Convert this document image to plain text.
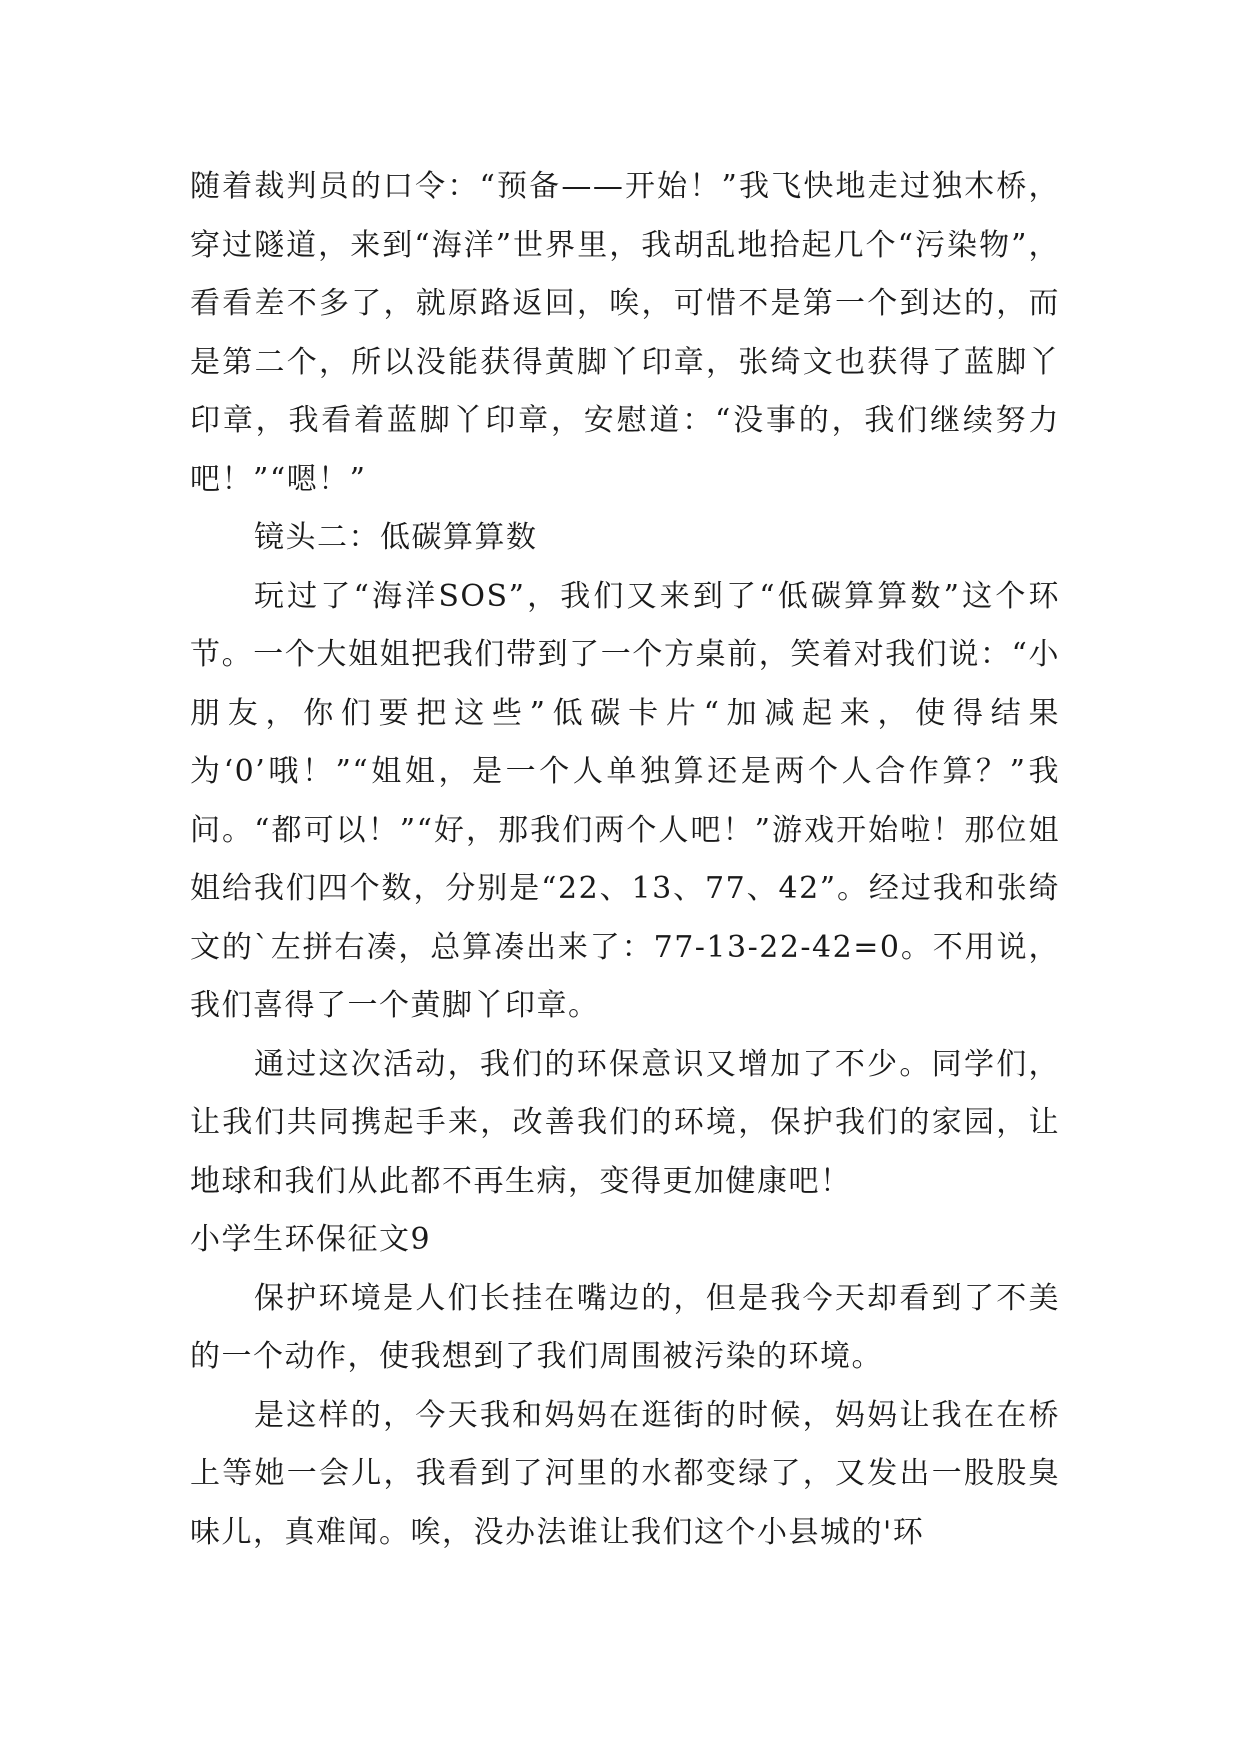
随着裁判员的口令：“预备——开始！”我飞快地走过独木桥，穿过隧道，来到“海洋”世界里，我胡乱地拾起几个“污染物”，看看差不多了，就原路返回，唉，可惜不是第一个到达的，而是第二个，所以没能获得黄脚丫印章，张绮文也获得了蓝脚丫印章，我看着蓝脚丫印章，安慰道：“没事的，我们继续努力吧！”“嗯！”

镜头二：低碳算算数

玩过了“海洋SOS”，我们又来到了“低碳算算数”这个环节。一个大姐姐把我们带到了一个方桌前，笑着对我们说：“小朋友，你们要把这些”低碳卡片“加减起来，使得结果为‘0’哦！”“姐姐，是一个人单独算还是两个人合作算？”我问。“都可以！”“好，那我们两个人吧！”游戏开始啦！那位姐姐给我们四个数，分别是“22、13、77、42”。经过我和张绮文的`左拼右凑，总算凑出来了：77-13-22-42=0。不用说，我们喜得了一个黄脚丫印章。

通过这次活动，我们的环保意识又增加了不少。同学们，让我们共同携起手来，改善我们的环境，保护我们的家园，让地球和我们从此都不再生病，变得更加健康吧！

小学生环保征文9

保护环境是人们长挂在嘴边的，但是我今天却看到了不美的一个动作，使我想到了我们周围被污染的环境。

是这样的，今天我和妈妈在逛街的时候，妈妈让我在在桥上等她一会儿，我看到了河里的水都变绿了，又发出一股股臭味儿，真难闻。唉，没办法谁让我们这个小县城的'环
